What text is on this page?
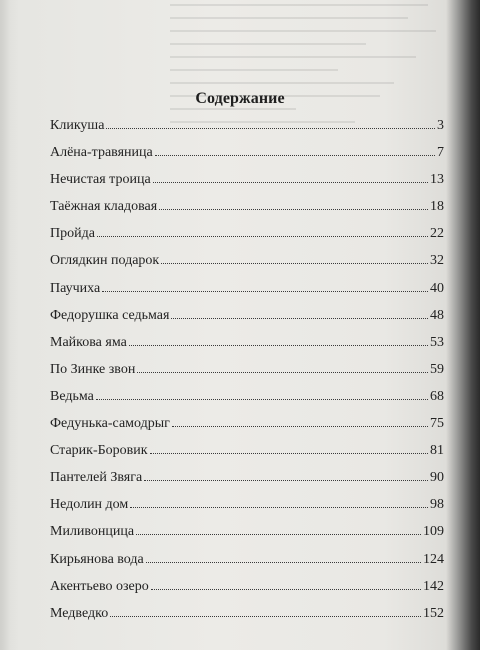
Содержание
Кликуша	3
Алёна-травяница	7
Нечистая троица	13
Таёжная кладовая	18
Пройда	22
Оглядкин подарок	32
Паучиха	40
Федорушка седьмая	48
Майкова яма	53
По Зинке звон	59
Ведьма	68
Федунька-самодрыг	75
Старик-Боровик	81
Пантелей Звяга	90
Недолин дом	98
Миливонцица	109
Кирьянова вода	124
Акентьево озеро	142
Медведко	152
